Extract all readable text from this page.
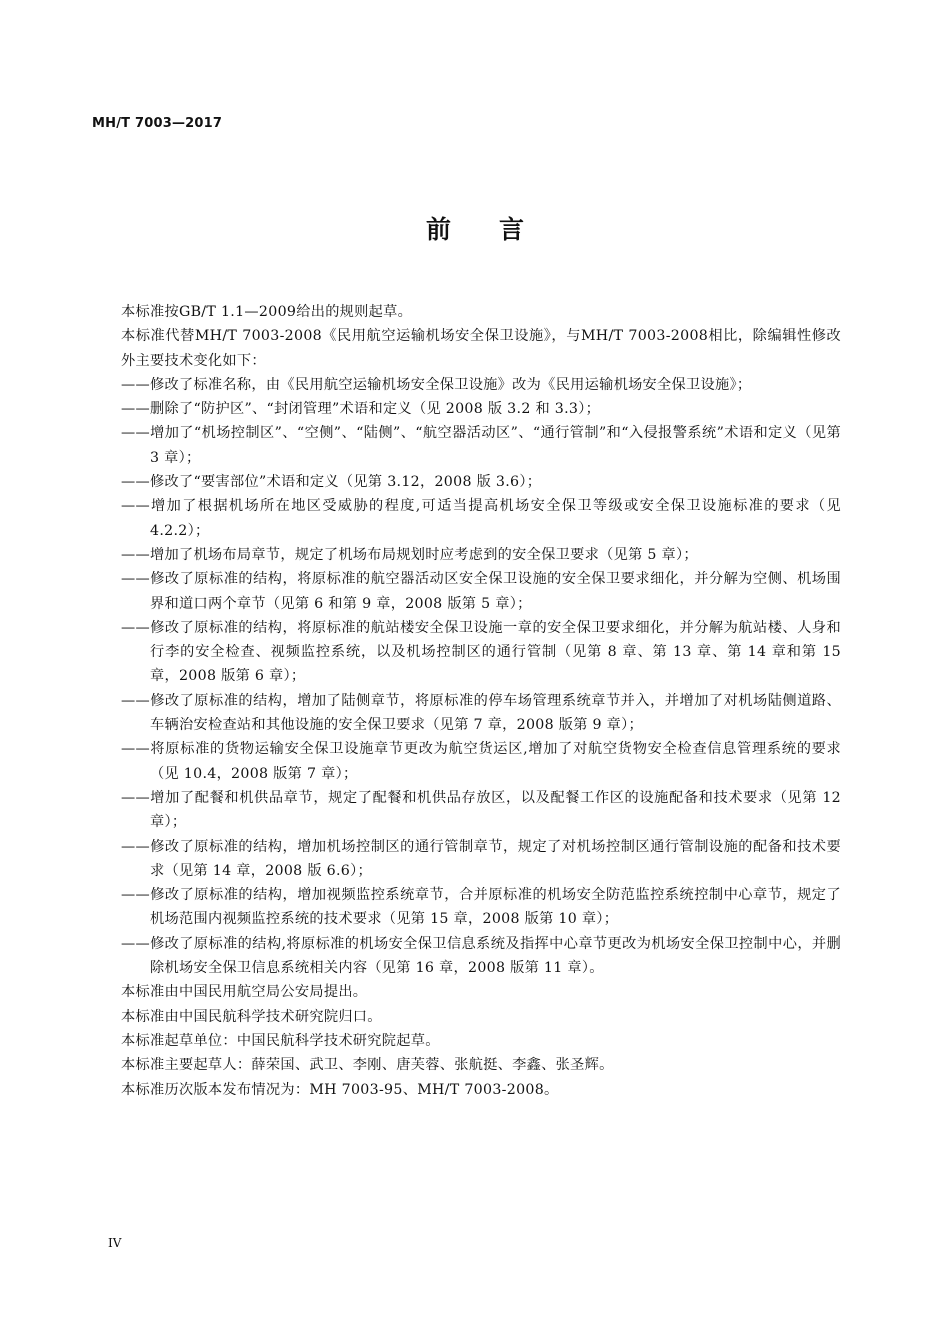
MH/T 7003—2017
前言

本标准按GB/T 1.1—2009给出的规则起草。

本标准代替MH/T 7003-2008《民用航空运输机场安全保卫设施》，与MH/T 7003-2008相比，除编辑性修改外主要技术变化如下：

——修改了标准名称，由《民用航空运输机场安全保卫设施》改为《民用运输机场安全保卫设施》；

——删除了“防护区”、“封闭管理”术语和定义（见 2008 版 3.2 和 3.3）；

——增加了“机场控制区”、“空侧”、“陆侧”、“航空器活动区”、“通行管制”和“入侵报警系统”术语和定义（见第 3 章）；

——修改了“要害部位”术语和定义（见第 3.12，2008 版 3.6）；

——增加了根据机场所在地区受威胁的程度,可适当提高机场安全保卫等级或安全保卫设施标准的要求（见 4.2.2）；

——增加了机场布局章节，规定了机场布局规划时应考虑到的安全保卫要求（见第 5 章）；

——修改了原标准的结构，将原标准的航空器活动区安全保卫设施的安全保卫要求细化，并分解为空侧、机场围界和道口两个章节（见第 6 和第 9 章，2008 版第 5 章）；

——修改了原标准的结构，将原标准的航站楼安全保卫设施一章的安全保卫要求细化，并分解为航站楼、人身和行李的安全检查、视频监控系统，以及机场控制区的通行管制（见第 8 章、第 13 章、第 14 章和第 15 章，2008 版第 6 章）；

——修改了原标准的结构，增加了陆侧章节，将原标准的停车场管理系统章节并入，并增加了对机场陆侧道路、车辆治安检查站和其他设施的安全保卫要求（见第 7 章，2008 版第 9 章）；

——将原标准的货物运输安全保卫设施章节更改为航空货运区,增加了对航空货物安全检查信息管理系统的要求（见 10.4，2008 版第 7 章）；

——增加了配餐和机供品章节，规定了配餐和机供品存放区，以及配餐工作区的设施配备和技术要求（见第 12 章）；

——修改了原标准的结构，增加机场控制区的通行管制章节，规定了对机场控制区通行管制设施的配备和技术要求（见第 14 章，2008 版 6.6）；

——修改了原标准的结构，增加视频监控系统章节，合并原标准的机场安全防范监控系统控制中心章节，规定了机场范围内视频监控系统的技术要求（见第 15 章，2008 版第 10 章）；

——修改了原标准的结构,将原标准的机场安全保卫信息系统及指挥中心章节更改为机场安全保卫控制中心，并删除机场安全保卫信息系统相关内容（见第 16 章，2008 版第 11 章）。

本标准由中国民用航空局公安局提出。

本标准由中国民航科学技术研究院归口。

本标准起草单位：中国民航科学技术研究院起草。

本标准主要起草人：薛荣国、武卫、李刚、唐芙蓉、张航挺、李鑫、张圣辉。

本标准历次版本发布情况为：MH 7003-95、MH/T 7003-2008。

IV
